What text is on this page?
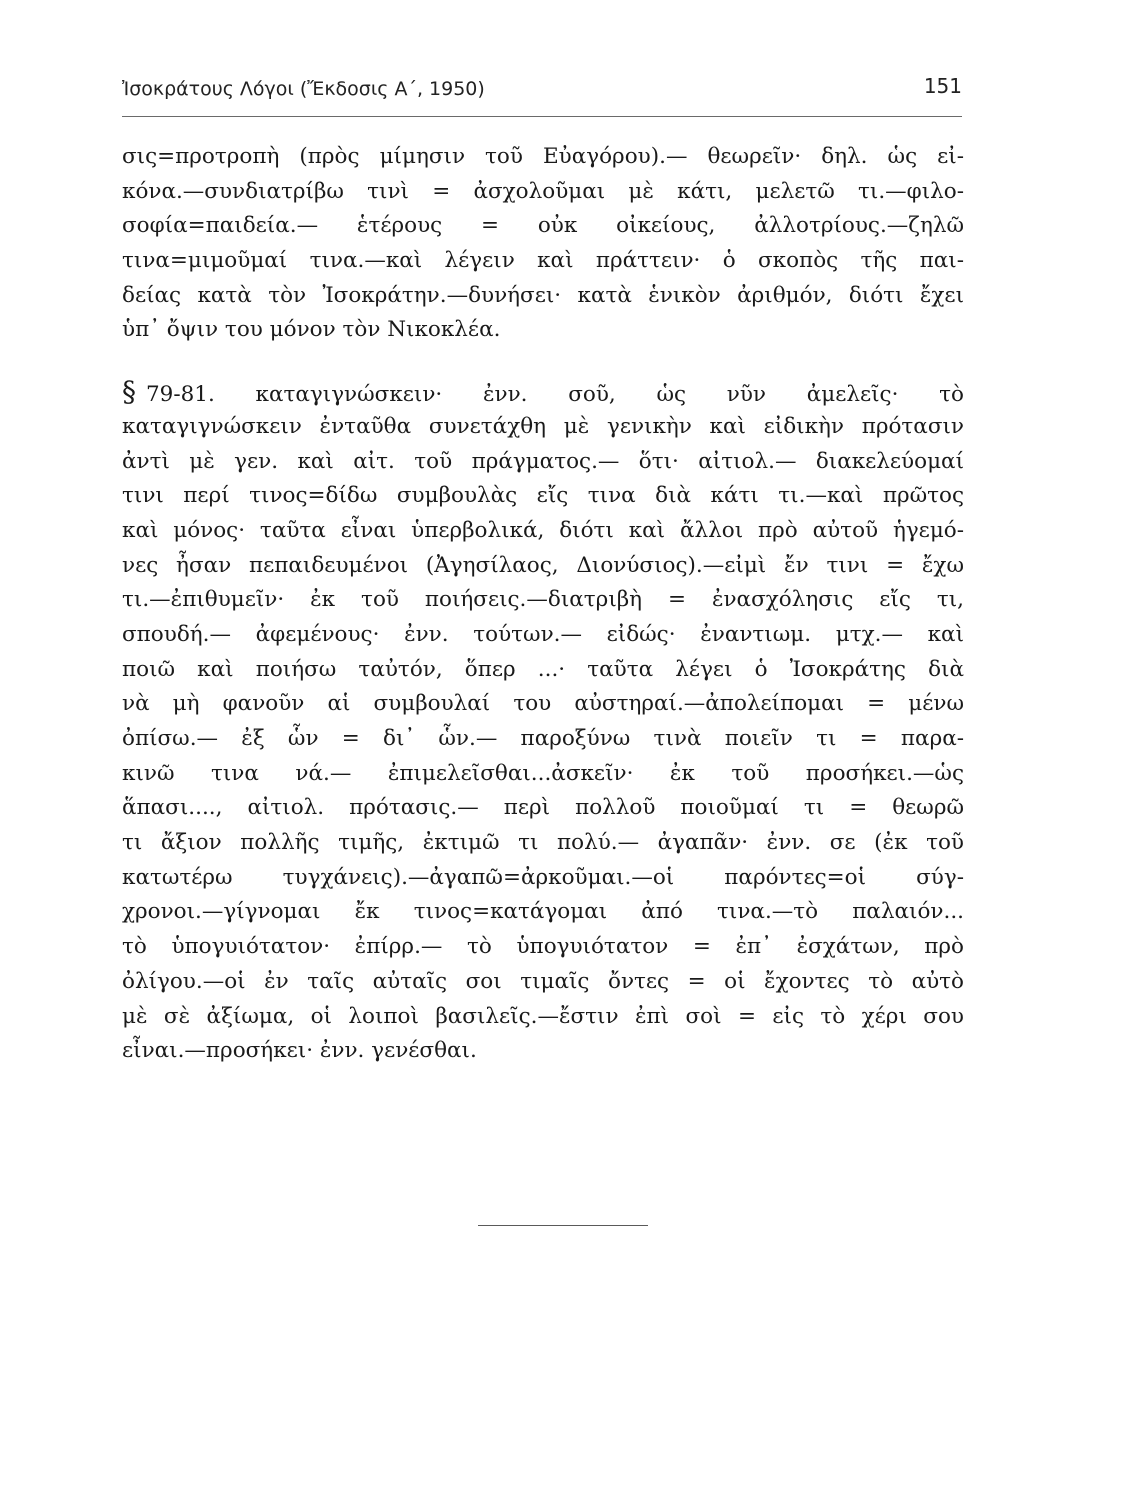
Ἰσοκράτους Λόγοι (Ἔκδοσις Α΄, 1950)	151
σις=προτροπὴ (πρὸς μίμησιν τοῦ Εὐαγόρου).— θεωρεῖν· δηλ. ὡς εἰ-
κόνα.—συνδιατρίβω τινὶ = ἀσχολοῦμαι μὲ κάτι, μελετῶ τι.—φιλο-
σοφία=παιδεία.— ἑτέρους = οὐκ οἰκείους, ἀλλοτρίους.—ζηλῶ
τινα=μιμοῦμαί τινα.—καὶ λέγειν καὶ πράττειν· ὁ σκοπὸς τῆς παι-
δείας κατὰ τὸν Ἰσοκράτην.—δυνήσει· κατὰ ἑνικὸν ἀριθμόν, διότι ἔχει
ὑπ᾽ ὄψιν του μόνον τὸν Νικοκλέα.
§ 79-81. καταγιγνώσκειν· ἐνν. σοῦ, ὡς νῦν ἀμελεῖς· τὸ
καταγιγνώσκειν ἐνταῦθα συνετάχθη μὲ γενικὴν καὶ εἰδικὴν πρότασιν
ἀντὶ μὲ γεν. καὶ αἰτ. τοῦ πράγματος.— ὅτι· αἰτιολ.— διακελεύομαί
τινι περί τινος=δίδω συμβουλὰς εἴς τινα διὰ κάτι τι.—καὶ πρῶτος
καὶ μόνος· ταῦτα εἶναι ὑπερβολικά, διότι καὶ ἄλλοι πρὸ αὐτοῦ ἡγεμό-
νες ἦσαν πεπαιδευμένοι (Ἀγησίλαος, Διονύσιος).—εἰμὶ ἔν τινι = ἔχω
τι.—ἐπιθυμεῖν· ἐκ τοῦ ποιήσεις.—διατριβὴ = ἐνασχόλησις εἴς τι,
σπουδή.— ἀφεμένους· ἐνν. τούτων.— εἰδώς· ἐναντιωμ. μτχ.— καὶ
ποιῶ καὶ ποιήσω ταὐτόν, ὅπερ ...· ταῦτα λέγει ὁ Ἰσοκράτης διὰ
νὰ μὴ φανοῦν αἱ συμβουλαί του αὐστηραί.—ἀπολείπομαι = μένω
ὀπίσω.— ἐξ ὧν = δι᾽ ὧν.— παροξύνω τινὰ ποιεῖν τι = παρα-
κινῶ τινα νά.— ἐπιμελεῖσθαι...ἀσκεῖν· ἐκ τοῦ προσήκει.—ὡς
ἅπασι...., αἰτιολ. πρότασις.— περὶ πολλοῦ ποιοῦμαί τι = θεωρῶ
τι ἄξιον πολλῆς τιμῆς, ἐκτιμῶ τι πολύ.— ἀγαπᾶν· ἐνν. σε (ἐκ τοῦ
κατωτέρω τυγχάνεις).—ἀγαπῶ=ἀρκοῦμαι.—οἱ παρόντες=οἱ σύγ-
χρονοι.—γίγνομαι ἔκ τινος=κατάγομαι ἀπό τινα.—τὸ παλαιόν...
τὸ ὑπογυιότατον· ἐπίρρ.— τὸ ὑπογυιότατον = ἐπ᾽ ἐσχάτων, πρὸ
ὀλίγου.—οἱ ἐν ταῖς αὐταῖς σοι τιμαῖς ὄντες = οἱ ἔχοντες τὸ αὐτὸ
μὲ σὲ ἀξίωμα, οἱ λοιποὶ βασιλεῖς.—ἔστιν ἐπὶ σοὶ = εἰς τὸ χέρι σου
εἶναι.—προσήκει· ἐνν. γενέσθαι.
